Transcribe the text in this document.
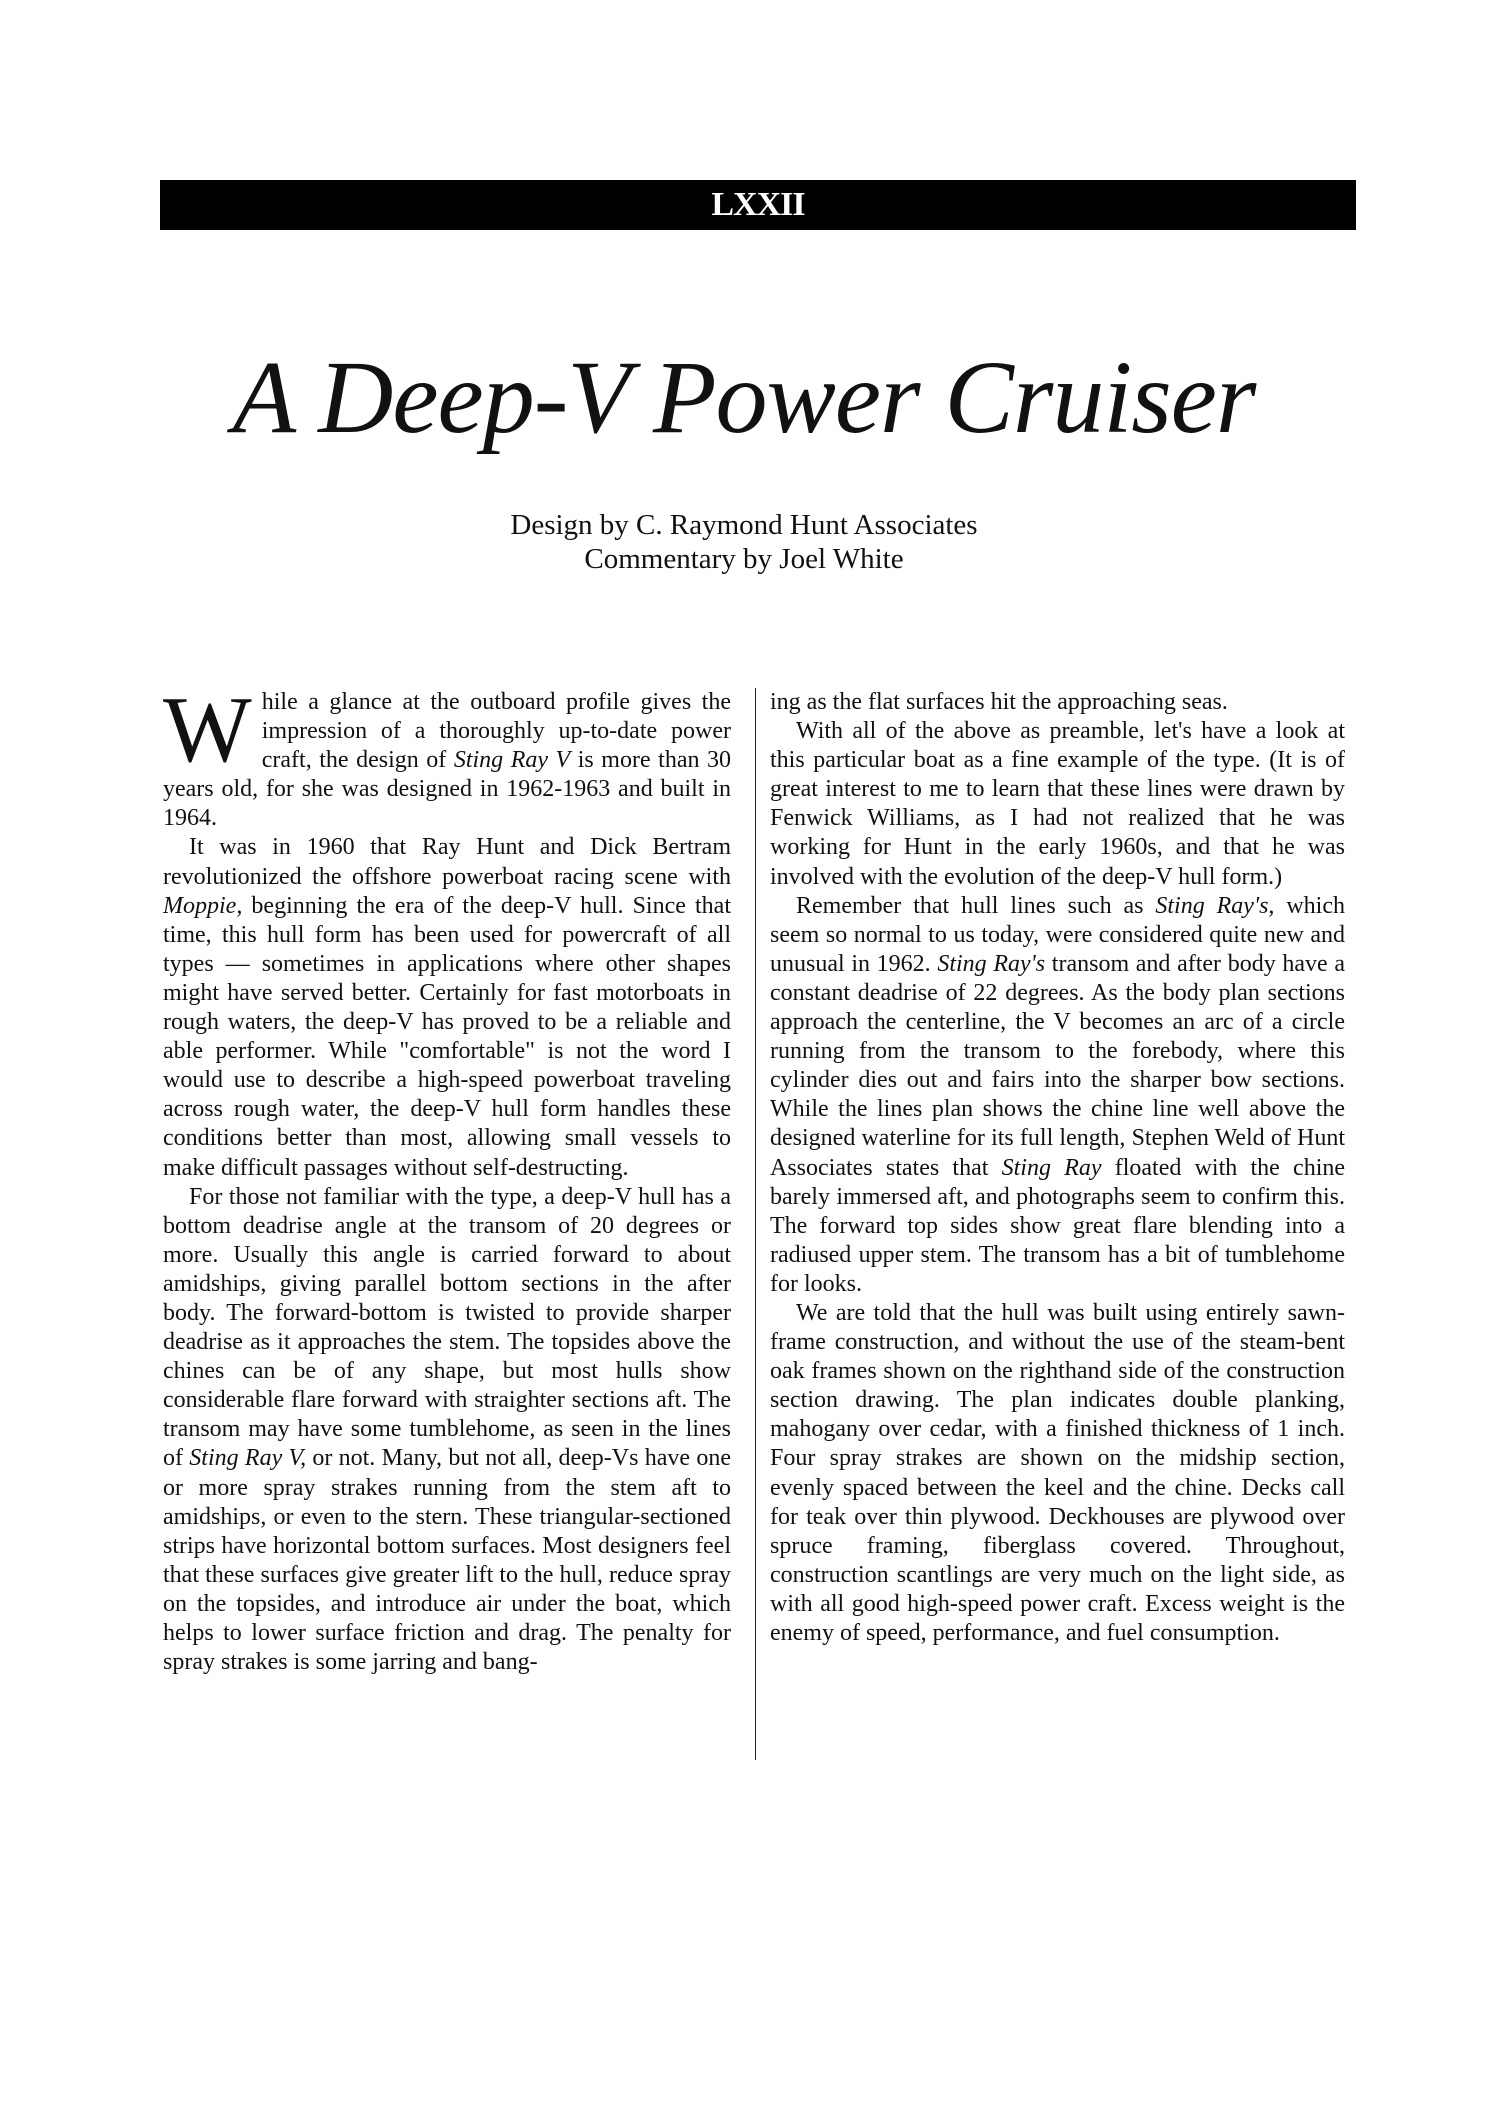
LXXII
A Deep-V Power Cruiser
Design by C. Raymond Hunt Associates
Commentary by Joel White

While a glance at the outboard profile gives the impression of a thoroughly up-to-date power craft, the design of Sting Ray V is more than 30 years old, for she was designed in 1962-1963 and built in 1964.

It was in 1960 that Ray Hunt and Dick Bertram revolutionized the offshore powerboat racing scene with Moppie, beginning the era of the deep-V hull. Since that time, this hull form has been used for powercraft of all types — sometimes in applications where other shapes might have served better. Certainly for fast motorboats in rough waters, the deep-V has proved to be a reliable and able performer. While "comfortable" is not the word I would use to describe a high-speed powerboat traveling across rough water, the deep-V hull form handles these conditions better than most, allowing small vessels to make difficult passages without self-destructing.

For those not familiar with the type, a deep-V hull has a bottom deadrise angle at the transom of 20 degrees or more. Usually this angle is carried forward to about amidships, giving parallel bottom sections in the after body. The forward-bottom is twisted to provide sharper deadrise as it approaches the stem. The topsides above the chines can be of any shape, but most hulls show considerable flare forward with straighter sections aft. The transom may have some tumblehome, as seen in the lines of Sting Ray V, or not. Many, but not all, deep-Vs have one or more spray strakes running from the stem aft to amidships, or even to the stern. These triangular-sectioned strips have horizontal bottom surfaces. Most designers feel that these surfaces give greater lift to the hull, reduce spray on the topsides, and introduce air under the boat, which helps to lower surface friction and drag. The penalty for spray strakes is some jarring and bang-

ing as the flat surfaces hit the approaching seas.

With all of the above as preamble, let's have a look at this particular boat as a fine example of the type. (It is of great interest to me to learn that these lines were drawn by Fenwick Williams, as I had not realized that he was working for Hunt in the early 1960s, and that he was involved with the evolution of the deep-V hull form.)

Remember that hull lines such as Sting Ray's, which seem so normal to us today, were considered quite new and unusual in 1962. Sting Ray's transom and after body have a constant deadrise of 22 degrees. As the body plan sections approach the centerline, the V becomes an arc of a circle running from the transom to the forebody, where this cylinder dies out and fairs into the sharper bow sections. While the lines plan shows the chine line well above the designed waterline for its full length, Stephen Weld of Hunt Associates states that Sting Ray floated with the chine barely immersed aft, and photographs seem to confirm this. The forward top sides show great flare blending into a radiused upper stem. The transom has a bit of tumblehome for looks.

We are told that the hull was built using entirely sawn-frame construction, and without the use of the steam-bent oak frames shown on the righthand side of the construction section drawing. The plan indicates double planking, mahogany over cedar, with a finished thickness of 1 inch. Four spray strakes are shown on the midship section, evenly spaced between the keel and the chine. Decks call for teak over thin plywood. Deckhouses are plywood over spruce framing, fiberglass covered. Throughout, construction scantlings are very much on the light side, as with all good high-speed power craft. Excess weight is the enemy of speed, performance, and fuel consumption.
